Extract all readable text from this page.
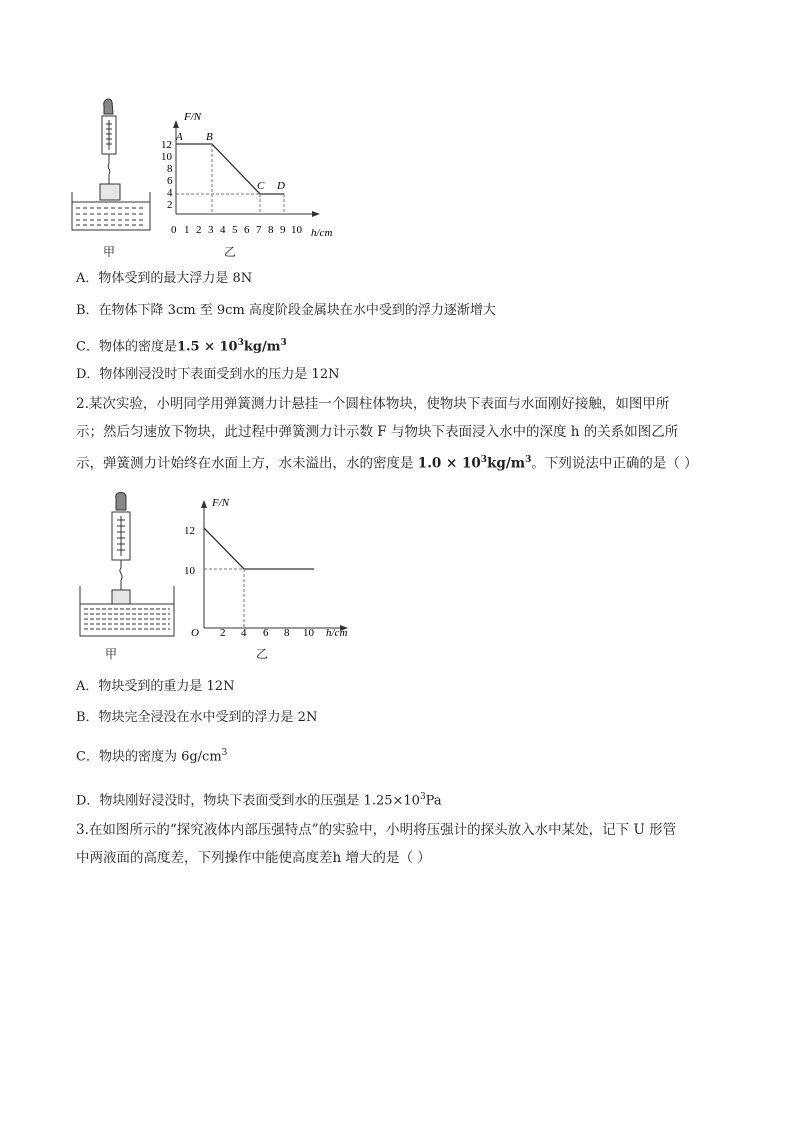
F/N
h/cm
12
10
8
6
4
2
0 1 2 3 4 5 6 7 8 9 10
A B
C D
甲	乙
A．物体受到的最大浮力是 8N
B．在物体下降 3cm 至 9cm 高度阶段金属块在水中受到的浮力逐渐增大
C．物体的密度是$1.5 \times 10^3kg/m^3$
D．物体刚浸没时下表面受到水的压力是 12N
2.某次实验，小明同学用弹簧测力计悬挂一个圆柱体物块，使物块下表面与水面刚好接触，如图甲所
示；然后匀速放下物块，此过程中弹簧测力计示数 F 与物块下表面浸入水中的深度 h 的关系如图乙所
示，弹簧测力计始终在水面上方，水未溢出，水的密度是 $1.0 \times 10^3kg/m^3$。下列说法中正确的是（ ）
F/N
h/cm
O
12
10
2 4 6 8 10
甲	乙
A．物块受到的重力是 12N
B．物块完全浸没在水中受到的浮力是 2N
C．物块的密度为 $6g/cm^3$
D．物块刚好浸没时，物块下表面受到水的压强是 $1.25\times 10^3Pa$
3.在如图所示的“探究液体内部压强特点”的实验中，小明将压强计的探头放入水中某处，记下 U 形管
中两液面的高度差，下列操作中能使高度差h 增大的是（ ）
